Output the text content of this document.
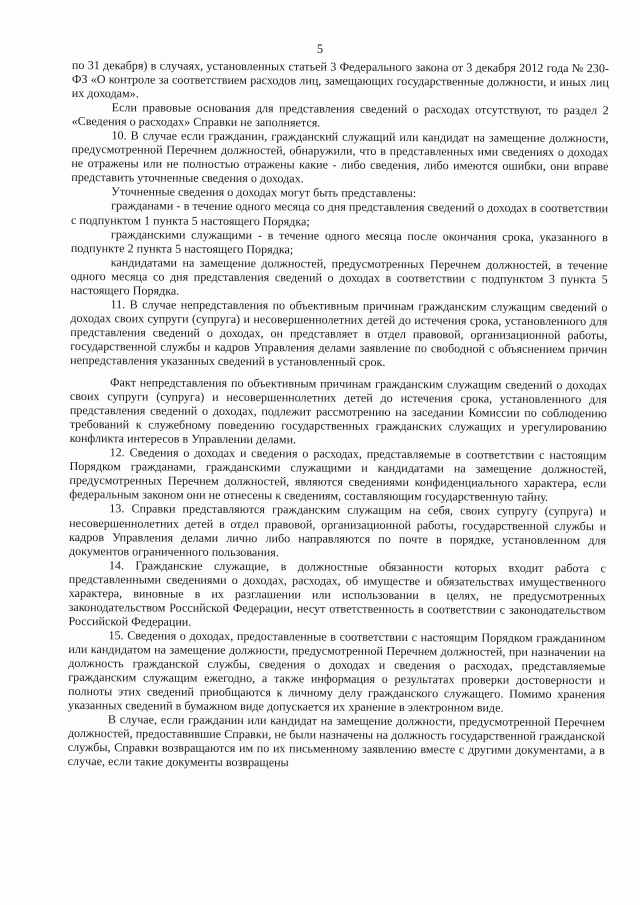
5

по 31 декабря) в случаях, установленных статьей 3 Федерального закона от 3 декабря 2012 года № 230-ФЗ «О контроле за соответствием расходов лиц, замещающих государственные должности, и иных лиц их доходам».

Если правовые основания для представления сведений о расходах отсутствуют, то раздел 2 «Сведения о расходах» Справки не заполняется.

10. В случае если гражданин, гражданский служащий или кандидат на замещение должности, предусмотренной Перечнем должностей, обнаружили, что в представленных ими сведениях о доходах не отражены или не полностью отражены какие - либо сведения, либо имеются ошибки, они вправе представить уточненные сведения о доходах.

Уточненные сведения о доходах могут быть представлены:

гражданами - в течение одного месяца со дня представления сведений о доходах в соответствии с подпунктом 1 пункта 5 настоящего Порядка;

гражданскими служащими - в течение одного месяца после окончания срока, указанного в подпункте 2 пункта 5 настоящего Порядка;

кандидатами на замещение должностей, предусмотренных Перечнем должностей, в течение одного месяца со дня представления сведений о доходах в соответствии с подпунктом 3 пункта 5 настоящего Порядка.

11. В случае непредставления по объективным причинам гражданским служащим сведений о доходах своих супруги (супруга) и несовершеннолетних детей до истечения срока, установленного для представления сведений о доходах, он представляет в отдел правовой, организационной работы, государственной службы и кадров Управления делами заявление по свободной с объяснением причин непредставления указанных сведений в установленный срок.

Факт непредставления по объективным причинам гражданским служащим сведений о доходах своих супруги (супруга) и несовершеннолетних детей до истечения срока, установленного для представления сведений о доходах, подлежит рассмотрению на заседании Комиссии по соблюдению требований к служебному поведению государственных гражданских служащих и урегулированию конфликта интересов в Управлении делами.

12. Сведения о доходах и сведения о расходах, представляемые в соответствии с настоящим Порядком гражданами, гражданскими служащими и кандидатами на замещение должностей, предусмотренных Перечнем должностей, являются сведениями конфиденциального характера, если федеральным законом они не отнесены к сведениям, составляющим государственную тайну.

13. Справки представляются гражданским служащим на себя, своих супругу (супруга) и несовершеннолетних детей в отдел правовой, организационной работы, государственной службы и кадров Управления делами лично либо направляются по почте в порядке, установленном для документов ограниченного пользования.

14. Гражданские служащие, в должностные обязанности которых входит работа с представленными сведениями о доходах, расходах, об имуществе и обязательствах имущественного характера, виновные в их разглашении или использовании в целях, не предусмотренных законодательством Российской Федерации, несут ответственность в соответствии с законодательством Российской Федерации.

15. Сведения о доходах, предоставленные в соответствии с настоящим Порядком гражданином или кандидатом на замещение должности, предусмотренной Перечнем должностей, при назначении на должность гражданской службы, сведения о доходах и сведения о расходах, представляемые гражданским служащим ежегодно, а также информация о результатах проверки достоверности и полноты этих сведений приобщаются к личному делу гражданского служащего. Помимо хранения указанных сведений в бумажном виде допускается их хранение в электронном виде.

В случае, если гражданин или кандидат на замещение должности, предусмотренной Перечнем должностей, предоставившие Справки, не были назначены на должность государственной гражданской службы, Справки возвращаются им по их письменному заявлению вместе с другими документами, а в случае, если такие документы возвращены
